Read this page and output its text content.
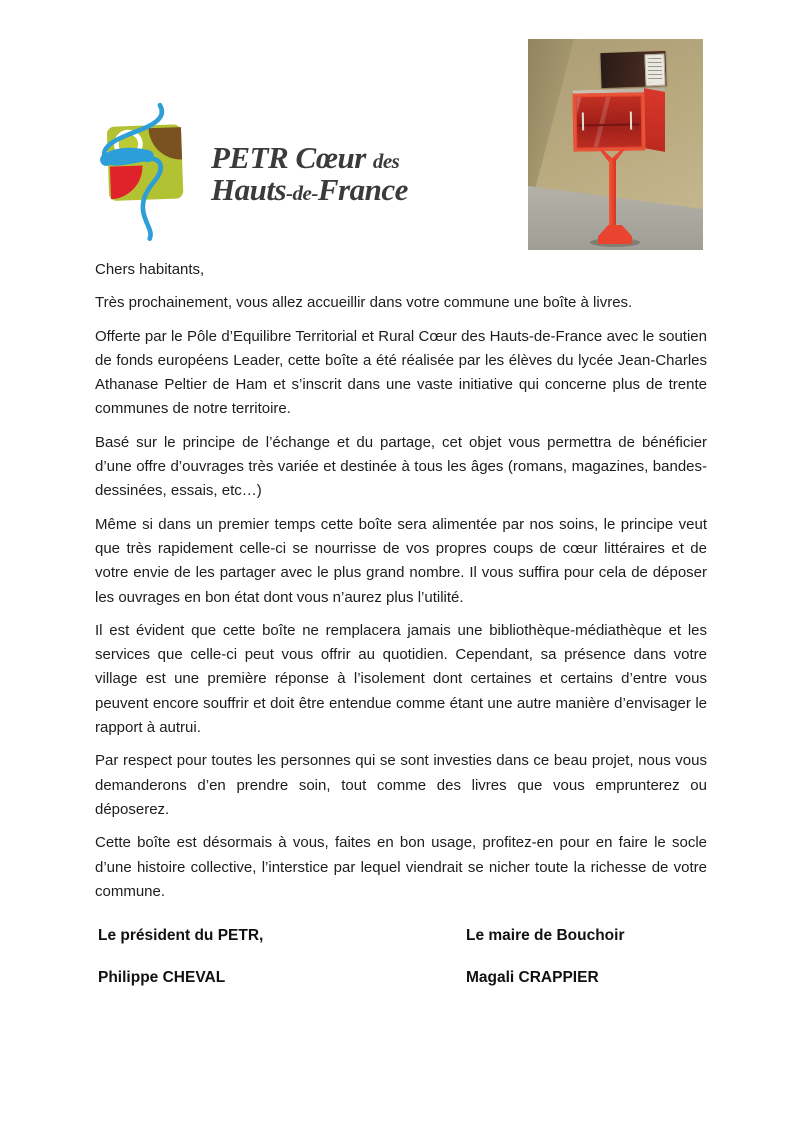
PETR Cœur des
Hauts-de-France

Chers habitants,

Très prochainement, vous allez accueillir dans votre commune une boîte à livres.

Offerte par le Pôle d’Equilibre Territorial et Rural Cœur des Hauts-de-France avec le soutien de fonds européens Leader, cette boîte a été réalisée par les élèves du lycée Jean-Charles Athanase Peltier de Ham et s’inscrit dans une vaste initiative qui concerne plus de trente communes de notre territoire.

Basé sur le principe de l’échange et du partage, cet objet vous permettra de bénéficier d’une offre d’ouvrages très variée et destinée à tous les âges (romans, magazines, bandes-dessinées, essais, etc…)

Même si dans un premier temps cette boîte sera alimentée par nos soins, le principe veut que très rapidement celle-ci se nourrisse de vos propres coups de cœur littéraires et de votre envie de les partager avec le plus grand nombre. Il vous suffira pour cela de déposer les ouvrages en bon état dont vous n’aurez plus l’utilité.

Il est évident que cette boîte ne remplacera jamais une bibliothèque-médiathèque et les services que celle-ci peut vous offrir au quotidien. Cependant, sa présence dans votre village est une première réponse à l’isolement dont certaines et certains d’entre vous peuvent encore souffrir et doit être entendue comme étant une autre manière d’envisager le rapport à autrui.

Par respect pour toutes les personnes qui se sont investies dans ce beau projet, nous vous demanderons d’en prendre soin, tout comme des livres que vous emprunterez ou déposerez.

Cette boîte est désormais à vous, faites en bon usage, profitez-en pour en faire le socle d’une histoire collective, l’interstice par lequel viendrait se nicher toute la richesse de votre commune.

Le président du PETR,	Le maire de Bouchoir
Philippe CHEVAL	Magali CRAPPIER
